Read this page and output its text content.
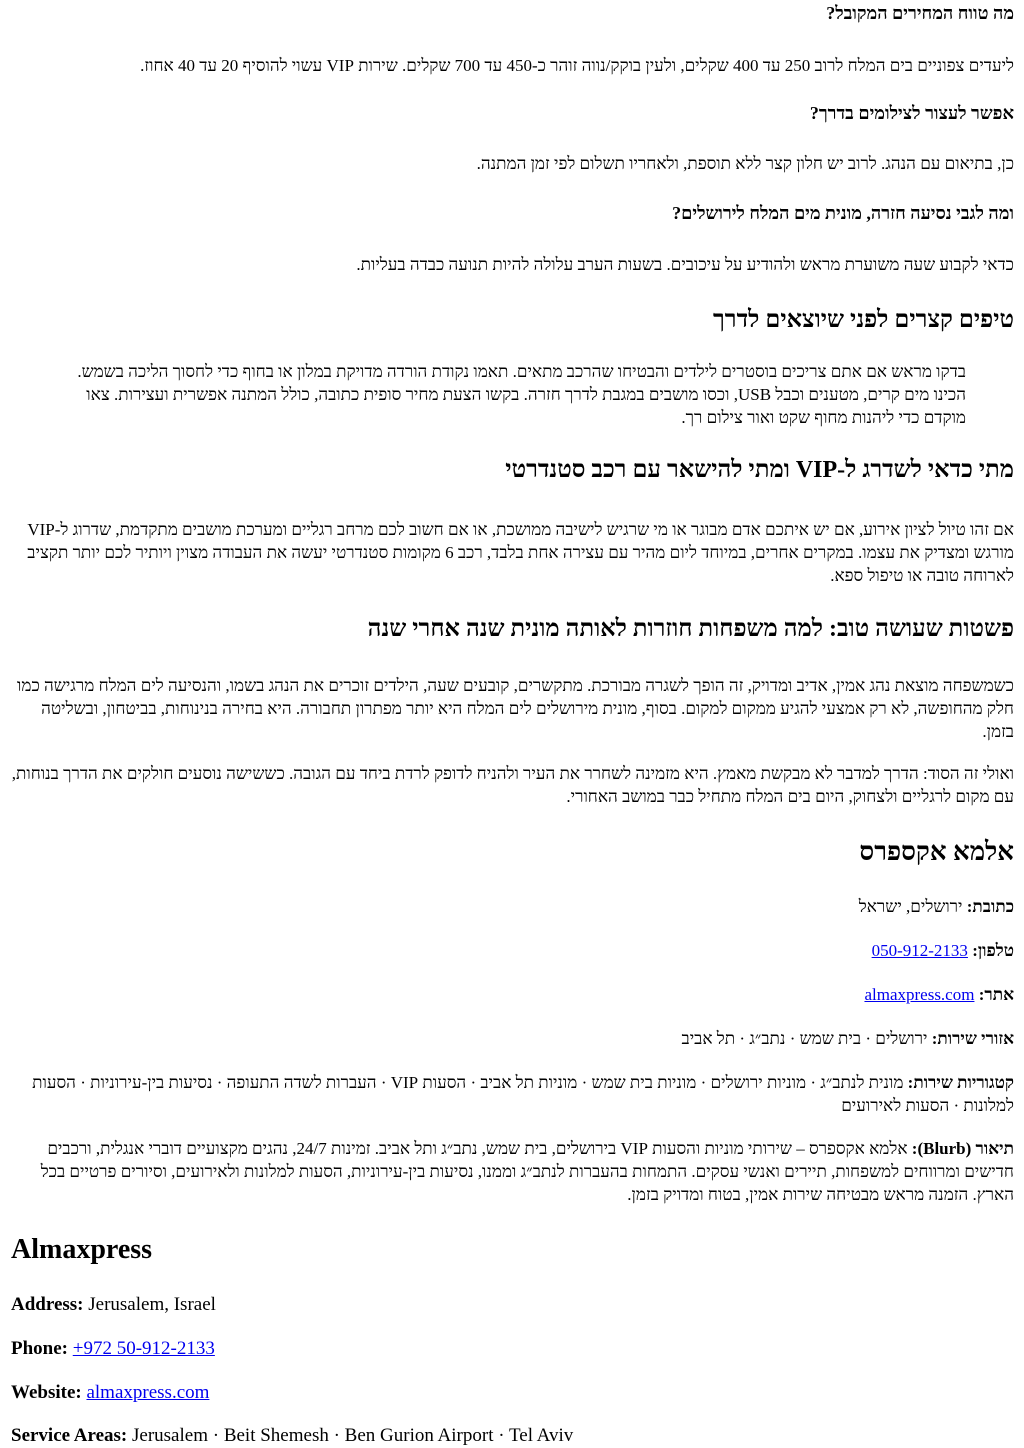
מה טווח המחירים המקובל?

ליעדים צפוניים בים המלח לרוב 250 עד 400 שקלים, ולעין בוקק/נווה זוהר כ-450 עד 700 שקלים. שירות VIP עשוי להוסיף 20 עד 40 אחוז.

אפשר לעצור לצילומים בדרך?

כן, בתיאום עם הנהג. לרוב יש חלון קצר ללא תוספת, ולאחריו תשלום לפי זמן המתנה.

ומה לגבי נסיעה חזרה, מונית מים המלח לירושלים?

כדאי לקבוע שעה משוערת מראש ולהודיע על עיכובים. בשעות הערב עלולה להיות תנועה כבדה בעליות.

טיפים קצרים לפני שיוצאים לדרך
בדקו מראש אם אתם צריכים בוסטרים לילדים והבטיחו שהרכב מתאים. תאמו נקודת הורדה מדויקת במלון או בחוף כדי לחסוך הליכה בשמש. הכינו מים קרים, מטענים וכבל USB, וכסו מושבים במגבת לדרך חזרה. בקשו הצעת מחיר סופית כתובה, כולל המתנה אפשרית ועצירות. צאו מוקדם כדי ליהנות מחוף שקט ואור צילום רך.
מתי כדאי לשדרג ל-VIP ומתי להישאר עם רכב סטנדרטי

אם זהו טיול לציון אירוע, אם יש איתכם אדם מבוגר או מי שרגיש לישיבה ממושכת, או אם חשוב לכם מרחב רגליים ומערכת מושבים מתקדמת, שדרוג ל-VIP מורגש ומצדיק את עצמו. במקרים אחרים, במיוחד ליום מהיר עם עצירה אחת בלבד, רכב 6 מקומות סטנדרטי יעשה את העבודה מצוין ויותיר לכם יותר תקציב לארוחה טובה או טיפול ספא.

פשטות שעושה טוב: למה משפחות חוזרות לאותה מונית שנה אחרי שנה

כשמשפחה מוצאת נהג אמין, אדיב ומדויק, זה הופך לשגרה מבורכת. מתקשרים, קובעים שעה, הילדים זוכרים את הנהג בשמו, והנסיעה לים המלח מרגישה כמו חלק מהחופשה, לא רק אמצעי להגיע ממקום למקום. בסוף, מונית מירושלים לים המלח היא יותר מפתרון תחבורה. היא בחירה בנינוחות, בביטחון, ובשליטה בזמן.

ואולי זה הסוד: הדרך למדבר לא מבקשת מאמץ. היא מזמינה לשחרר את העיר ולהניח לדופק לרדת ביחד עם הגובה. כששישה נוסעים חולקים את הדרך בנוחות, עם מקום לרגליים ולצחוק, היום בים המלח מתחיל כבר במושב האחורי.

אלמא אקספרס

כתובת: ירושלים, ישראל

טלפון: 050-912-2133

אתר: almaxpress.com

אזורי שירות: ירושלים· בית שמש· נתב״ג· תל אביב

קטגוריות שירות: מונית לנתב״ג· מוניות ירושלים· מוניות בית שמש· מוניות תל אביב· הסעות VIP· העברות לשדה התעופה· נסיעות בין-עירוניות· הסעות למלונות· הסעות לאירועים

תיאור (Blurb): אלמא אקספרס – שירותי מוניות והסעות VIP בירושלים, בית שמש, נתב״ג ותל אביב. זמינות 24/7, נהגים מקצועיים דוברי אנגלית, ורכבים חדישים ומרווחים למשפחות, תיירים ואנשי עסקים. התמחות בהעברות לנתב״ג וממנו, נסיעות בין-עירוניות, הסעות למלונות ולאירועים, וסיורים פרטיים בכל הארץ. הזמנה מראש מבטיחה שירות אמין, בטוח ומדויק בזמן.

Almaxpress

Address: Jerusalem, Israel

Phone: +972 50-912-2133

Website: almaxpress.com

Service Areas: Jerusalem · Beit Shemesh · Ben Gurion Airport · Tel Aviv
